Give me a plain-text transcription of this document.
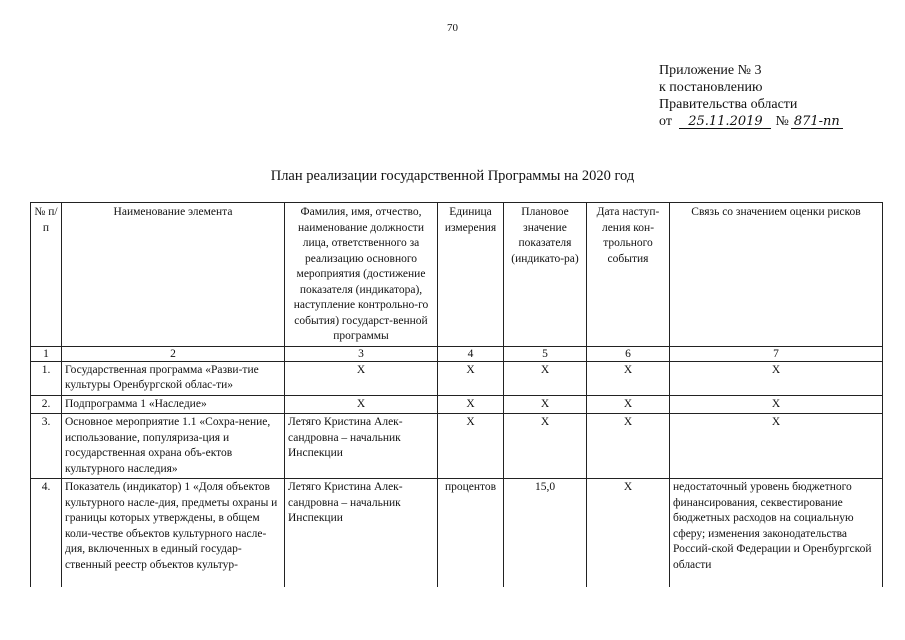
70
Приложение № 3
к постановлению
Правительства области
от 25.11.2019 № 871-пп
План реализации государственной Программы на 2020 год
№ п/п	Наименование элемента	Фамилия, имя, отчество, наименование должности лица, ответственного за реализацию основного мероприятия (достижение показателя (индикатора), наступление контрольно-го события) государст-венной программы	Единица измерения	Плановое значение показателя (индикато-ра)	Дата наступ-ления кон-трольного события	Связь со значением оценки рисков
1	2	3	4	5	6	7
1.	Государственная программа «Разви-тие культуры Оренбургской облас-ти»	X	X	X	X	X
2.	Подпрограмма 1 «Наследие»	X	X	X	X	X
3.	Основное мероприятие 1.1 «Сохра-нение, использование, популяриза-ция и государственная охрана объ-ектов культурного наследия»	Летяго Кристина Алек-сандровна – начальник Инспекции	X	X	X	X
4.	Показатель (индикатор) 1 «Доля объектов культурного насле-дия, предметы охраны и границы которых утверждены, в общем коли-честве объектов культурного насле-дия, включенных в единый государ-ственный реестр объектов культур-	Летяго Кристина Алек-сандровна – начальник Инспекции	процентов	15,0	X	недостаточный уровень бюджетного финансирования, секвестирование бюджетных расходов на социальную сферу; изменения законодательства Россий-ской Федерации и Оренбургской области
